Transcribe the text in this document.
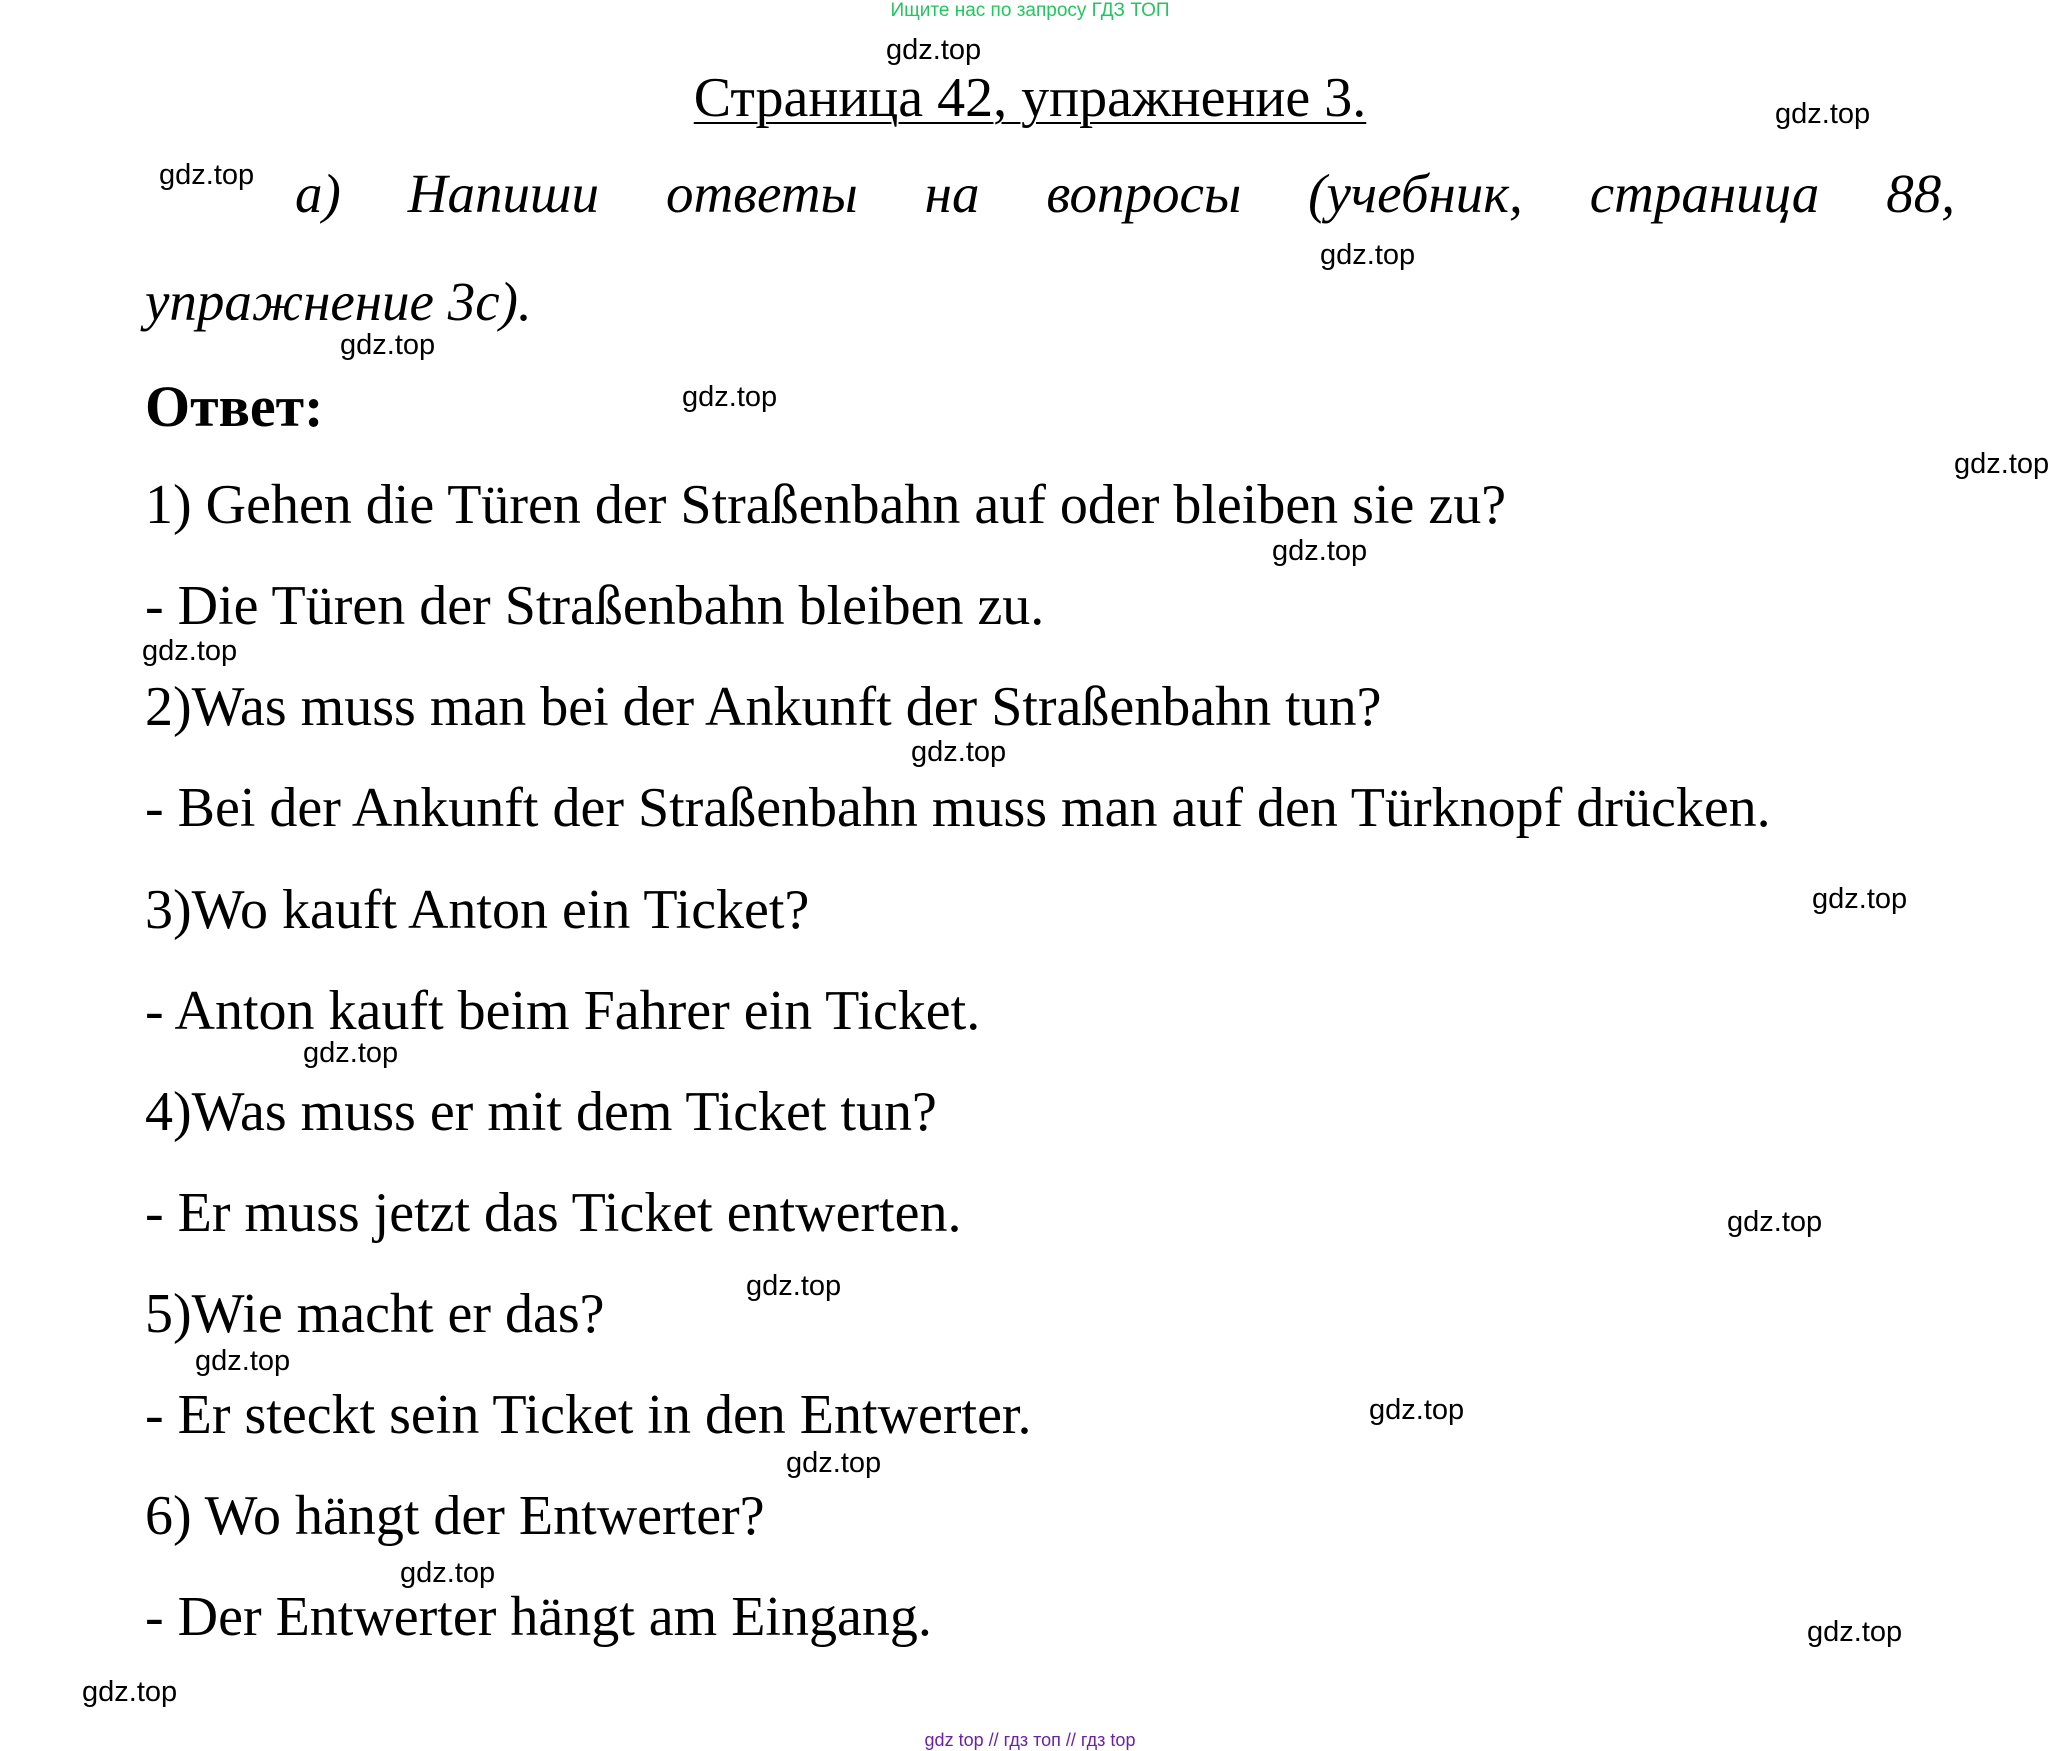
Ищите нас по запросу ГДЗ ТОП
Страница 42, упражнение 3.
а) Напиши ответы на вопросы (учебник, страница 88,
упражнение 3с).
Ответ:
1) Gehen die Türen der Straßenbahn auf oder bleiben sie zu?
- Die Türen der Straßenbahn bleiben zu.
2)Was muss man bei der Ankunft der Straßenbahn tun?
- Bei der Ankunft der Straßenbahn muss man auf den Türknopf drücken.
3)Wo kauft Anton ein Ticket?
- Anton kauft beim Fahrer ein Ticket.
4)Was muss er mit dem Ticket tun?
- Er muss jetzt das Ticket entwerten.
5)Wie macht er das?
- Er steckt sein Ticket in den Entwerter.
6) Wo hängt der Entwerter?
- Der Entwerter hängt am Eingang.
gdz.top
gdz.top
gdz.top
gdz.top
gdz.top
gdz.top
gdz.top
gdz.top
gdz.top
gdz.top
gdz.top
gdz.top
gdz.top
gdz.top
gdz.top
gdz.top
gdz.top
gdz.top
gdz.top
gdz.top
gdz top // гдз топ // гдз top
